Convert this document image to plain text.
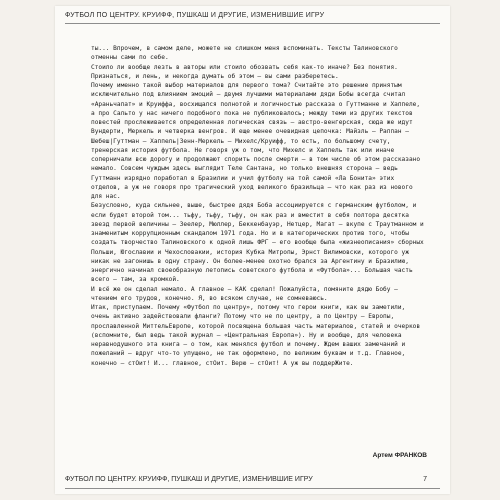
ФУТБОЛ ПО ЦЕНТРУ. КРУИФФ, ПУШКАШ И ДРУГИЕ, ИЗМЕНИВШИЕ ИГРУ

ты... Впрочем, в самом деле, можете не слишком меня вспоминать. Тексты Талиновского отменны сами по себе.

Стоило ли вообще лезть в авторы или стоило обозвать себя как-то иначе? Без понятия. Признаться, и лень, и некогда думать об этом — вы сами разберетесь.

Почему именно такой выбор материалов для первого тома? Считайте это решение принятым исключительно под влиянием эмоций — двумя лучшими материалами дяди Бобы всегда считал «Араньчапат» и Круиффа, восхищался полнотой и логичностью рассказа о Гуттманне и Хаппеле, а про Сальто у нас ничего подобного пока не публиковалось; между теми из других текстов повестей прослеживается определенная логическая связь — австро-венгерская, сюда же идут Вундерти, Меркель и четверка венгров. И еще менее очевидная цепочка: Майзль — Раппан — Шебеш|Гуттман — Хаппель|Зенн-Меркель — Михелс/Круифф, то есть, по большому счету, тренерская история футбола. Не говоря уж о том, что Михелс и Хаппель так или иначе соперничали всю дорогу и продолжают спорить после смерти — в том числе об этом рассказано немало. Совсем чуждым здесь выглядит Теле Сантана, но только внешняя сторона — ведь Гуттманн изрядно поработал в Бразилии и учил футболу на той самой «Ла Бонита» этих отделов, а уж не говоря про трагический уход великого бразильца — что как раз из нового для нас.

Безусловно, куда сильнее, выше, быстрее дядя Боба ассоциируется с германским футболом, и если будет второй том... тьфу, тьфу, тьфу, он как раз и вместит в себя полтора десятка звезд первой величины — Зеелер, Мюллер, Беккенбауэр, Нетцер, Магат — вкупе с Траутманном и знаменитым коррупционным скандалом 1971 года. Но и в категорических против того, чтобы создать творчество Талиновского к одной лишь ФРГ — его вообще была «жизнеописания» сборных Польши, Югославии и Чехословакии, история Кубка Митропы, Эрнст Вилимовски, которого уж никак не загонишь в одну страну. Он более-менее охотно брался за Аргентину и Бразилию, энергично начинал своеобразную летопись советского футбола и «Футбола»... Большая часть всего — там, за кромкой.

И всё же он сделал немало. А главное — КАК сделал! Пожалуйста, помяните дядю Бобу — чтением его трудов, конечно. Я, во всяком случае, не сомневаюсь.

Итак, приступаем. Почему «Футбол по центру», потому что герои книги, как вы заметили, очень активно задействовали фланги? Потому что не по центру, а по Центру — Европы, прославленной МиттельЕвропе, которой посвящена большая часть материалов, статей и очерков (вспомните, был ведь такой журнал — «Центральная Европа»). Ну и вообще, для человека неравнодушного эта книга — о том, как менялся футбол и почему. Ждем ваших замечаний и пожеланий — вдруг что-то упущено, не так оформлено, по великим буквам и т.д. Главное, конечно — стОит! И... главное, стОит. Верю — стОит! А уж вы поддерЖите.

Артем ФРАНКОВ
ФУТБОЛ ПО ЦЕНТРУ. КРУИФФ, ПУШКАШ И ДРУГИЕ, ИЗМЕНИВШИЕ ИГРУ	7
